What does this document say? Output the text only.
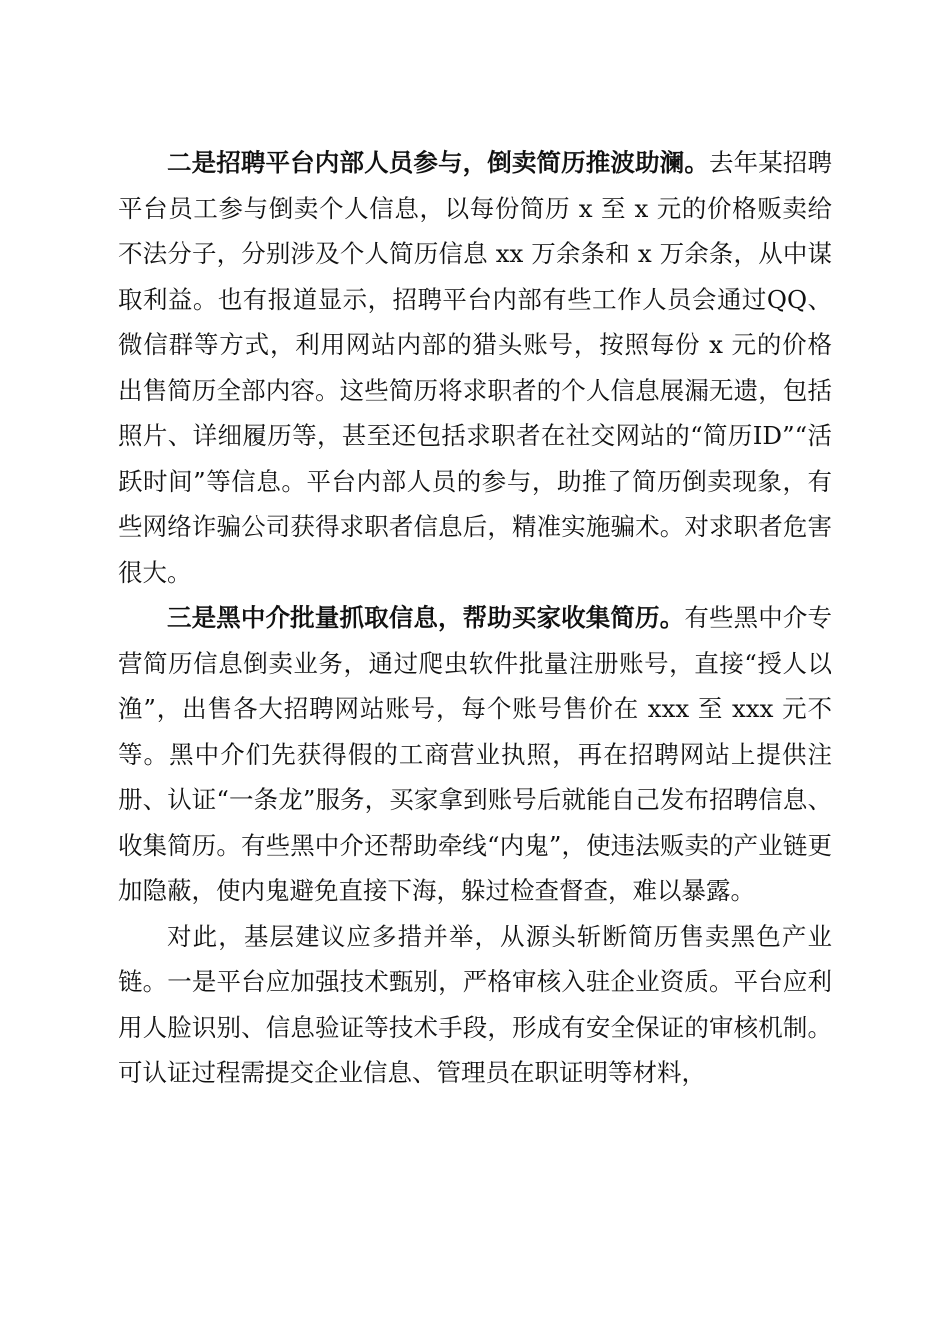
二是招聘平台内部人员参与，倒卖简历推波助澜。去年某招聘平台员工参与倒卖个人信息，以每份简历 x 至 x 元的价格贩卖给不法分子，分别涉及个人简历信息 xx 万余条和 x 万余条，从中谋取利益。也有报道显示，招聘平台内部有些工作人员会通过QQ、微信群等方式，利用网站内部的猎头账号，按照每份 x 元的价格出售简历全部内容。这些简历将求职者的个人信息展漏无遗，包括照片、详细履历等，甚至还包括求职者在社交网站的“简历ID”“活跃时间”等信息。平台内部人员的参与，助推了简历倒卖现象，有些网络诈骗公司获得求职者信息后，精准实施骗术。对求职者危害很大。

三是黑中介批量抓取信息，帮助买家收集简历。有些黑中介专营简历信息倒卖业务，通过爬虫软件批量注册账号，直接“授人以渔”，出售各大招聘网站账号，每个账号售价在 xxx 至 xxx 元不等。黑中介们先获得假的工商营业执照，再在招聘网站上提供注册、认证“一条龙”服务，买家拿到账号后就能自己发布招聘信息、收集简历。有些黑中介还帮助牵线“内鬼”，使违法贩卖的产业链更加隐蔽，使内鬼避免直接下海，躲过检查督查，难以暴露。

对此，基层建议应多措并举，从源头斩断简历售卖黑色产业链。一是平台应加强技术甄别，严格审核入驻企业资质。平台应利用人脸识别、信息验证等技术手段，形成有安全保证的审核机制。可认证过程需提交企业信息、管理员在职证明等材料，
